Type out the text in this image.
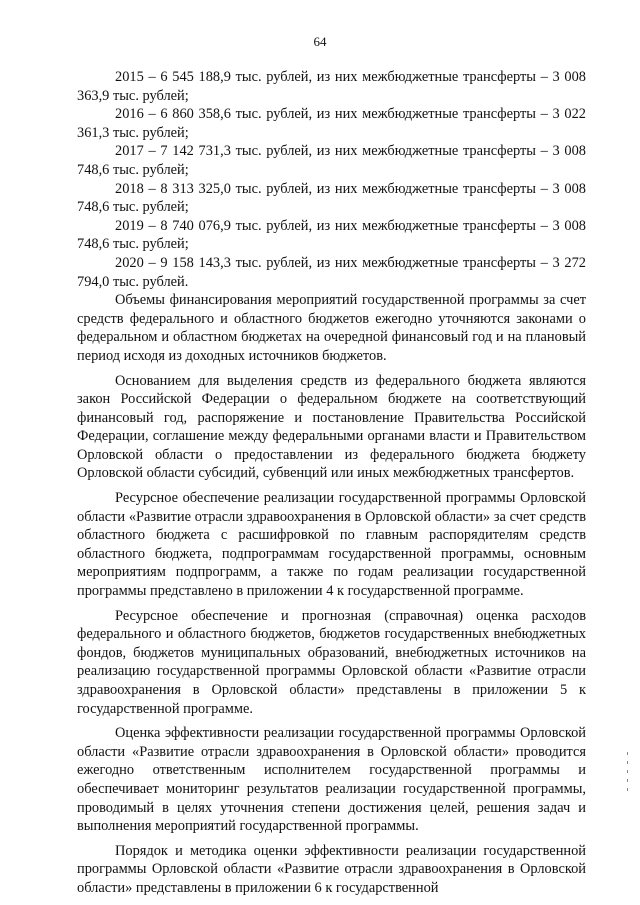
64

2015 – 6 545 188,9 тыс. рублей, из них межбюджетные трансферты – 3 008 363,9 тыс. рублей;

2016 – 6 860 358,6 тыс. рублей, из них межбюджетные трансферты – 3 022 361,3 тыс. рублей;

2017 – 7 142 731,3 тыс. рублей, из них межбюджетные трансферты – 3 008 748,6 тыс. рублей;

2018 – 8 313 325,0 тыс. рублей, из них межбюджетные трансферты – 3 008 748,6 тыс. рублей;

2019 – 8 740 076,9 тыс. рублей, из них межбюджетные трансферты – 3 008 748,6 тыс. рублей;

2020 – 9 158 143,3 тыс. рублей, из них межбюджетные трансферты – 3 272 794,0 тыс. рублей.

Объемы финансирования мероприятий государственной программы за счет средств федерального и областного бюджетов ежегодно уточняются законами о федеральном и областном бюджетах на очередной финансовый год и на плановый период исходя из доходных источников бюджетов.

Основанием для выделения средств из федерального бюджета являются закон Российской Федерации о федеральном бюджете на соответствующий финансовый год, распоряжение и постановление Правительства Российской Федерации, соглашение между федеральными органами власти и Правительством Орловской области о предоставлении из федерального бюджета бюджету Орловской области субсидий, субвенций или иных межбюджетных трансфертов.

Ресурсное обеспечение реализации государственной программы Орловской области «Развитие отрасли здравоохранения в Орловской области» за счет средств областного бюджета с расшифровкой по главным распорядителям средств областного бюджета, подпрограммам государственной программы, основным мероприятиям подпрограмм, а также по годам реализации государственной программы представлено в приложении 4 к государственной программе.

Ресурсное обеспечение и прогнозная (справочная) оценка расходов федерального и областного бюджетов, бюджетов государственных внебюджетных фондов, бюджетов муниципальных образований, внебюджетных источников на реализацию государственной программы Орловской области «Развитие отрасли здравоохранения в Орловской области» представлены в приложении 5 к государственной программе.

Оценка эффективности реализации государственной программы Орловской области «Развитие отрасли здравоохранения в Орловской области» проводится ежегодно ответственным исполнителем государственной программы и обеспечивает мониторинг результатов реализации государственной программы, проводимый в целях уточнения степени достижения целей, решения задач и выполнения мероприятий государственной программы.

Порядок и методика оценки эффективности реализации государственной программы Орловской области «Развитие отрасли здравоохранения в Орловской области» представлены в приложении 6 к государственной
